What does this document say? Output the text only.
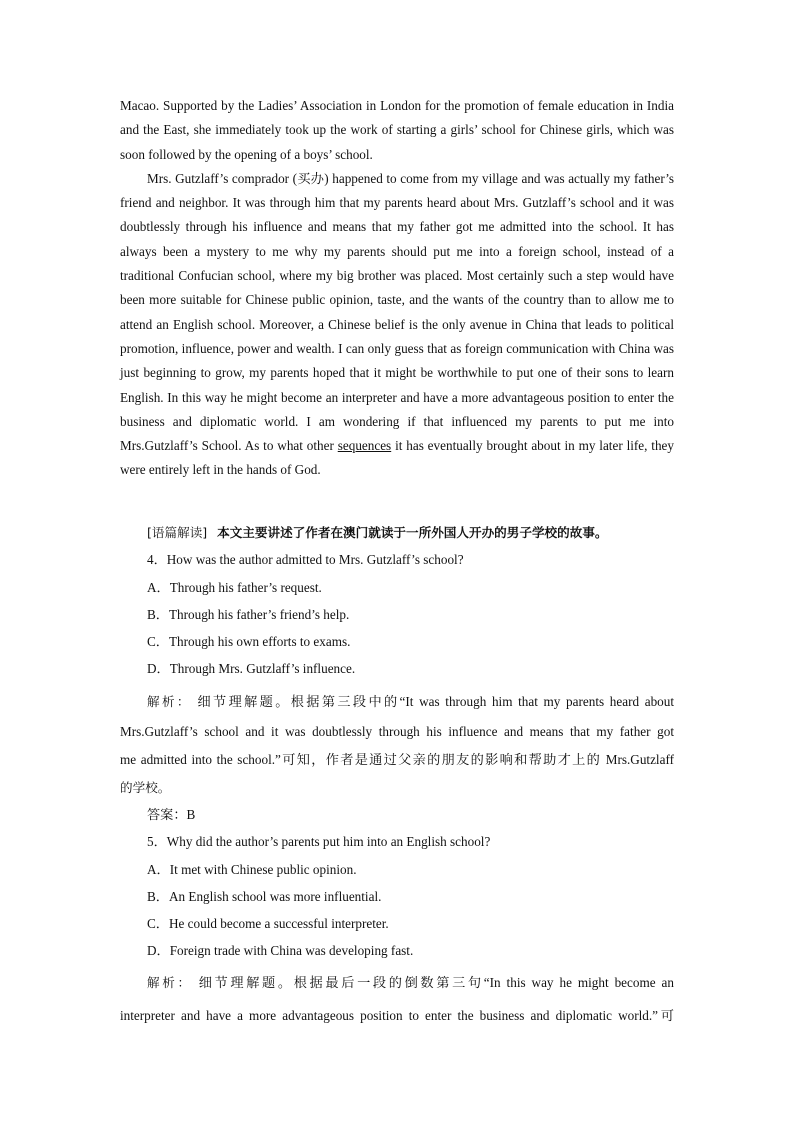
Macao. Supported by the Ladies’ Association in London for the promotion of female education in India and the East, she immediately took up the work of starting a girls’ school for Chinese girls, which was soon followed by the opening of a boys’ school.

Mrs. Gutzlaff’s comprador (买办) happened to come from my village and was actually my father’s friend and neighbor. It was through him that my parents heard about Mrs. Gutzlaff’s school and it was doubtlessly through his influence and means that my father got me admitted into the school. It has always been a mystery to me why my parents should put me into a foreign school, instead of a traditional Confucian school, where my big brother was placed. Most certainly such a step would have been more suitable for Chinese public opinion, taste, and the wants of the country than to allow me to attend an English school. Moreover, a Chinese belief is the only avenue in China that leads to political promotion, influence, power and wealth. I can only guess that as foreign communication with China was just beginning to grow, my parents hoped that it might be worthwhile to put one of their sons to learn English. In this way he might become an interpreter and have a more advantageous position to enter the business and diplomatic world. I am wondering if that influenced my parents to put me into Mrs.Gutzlaff’s School. As to what other sequences it has eventually brought about in my later life, they were entirely left in the hands of God.

[语篇解读] 本文主要讲述了作者在澳门就读于一所外国人开办的男子学校的故事。
4．How was the author admitted to Mrs. Gutzlaff’s school?
A．Through his father’s request.
B．Through his father’s friend’s help.
C．Through his own efforts to exams.
D．Through Mrs. Gutzlaff’s influence.
解析： 细节理解题。根据第三段中的“It was through him that my parents heard about
Mrs.Gutzlaff’s school and it was doubtlessly through his influence and means that my father got
me admitted into the school.”可知，作者是通过父亲的朋友的影响和帮助才上的 Mrs.Gutzlaff
的学校。
答案：B
5．Why did the author’s parents put him into an English school?
A．It met with Chinese public opinion.
B．An English school was more influential.
C．He could become a successful interpreter.
D．Foreign trade with China was developing fast.
解析： 细节理解题。根据最后一段的倒数第三句“In this way he might become an
interpreter and have a more advantageous position to enter the business and diplomatic world.”可
